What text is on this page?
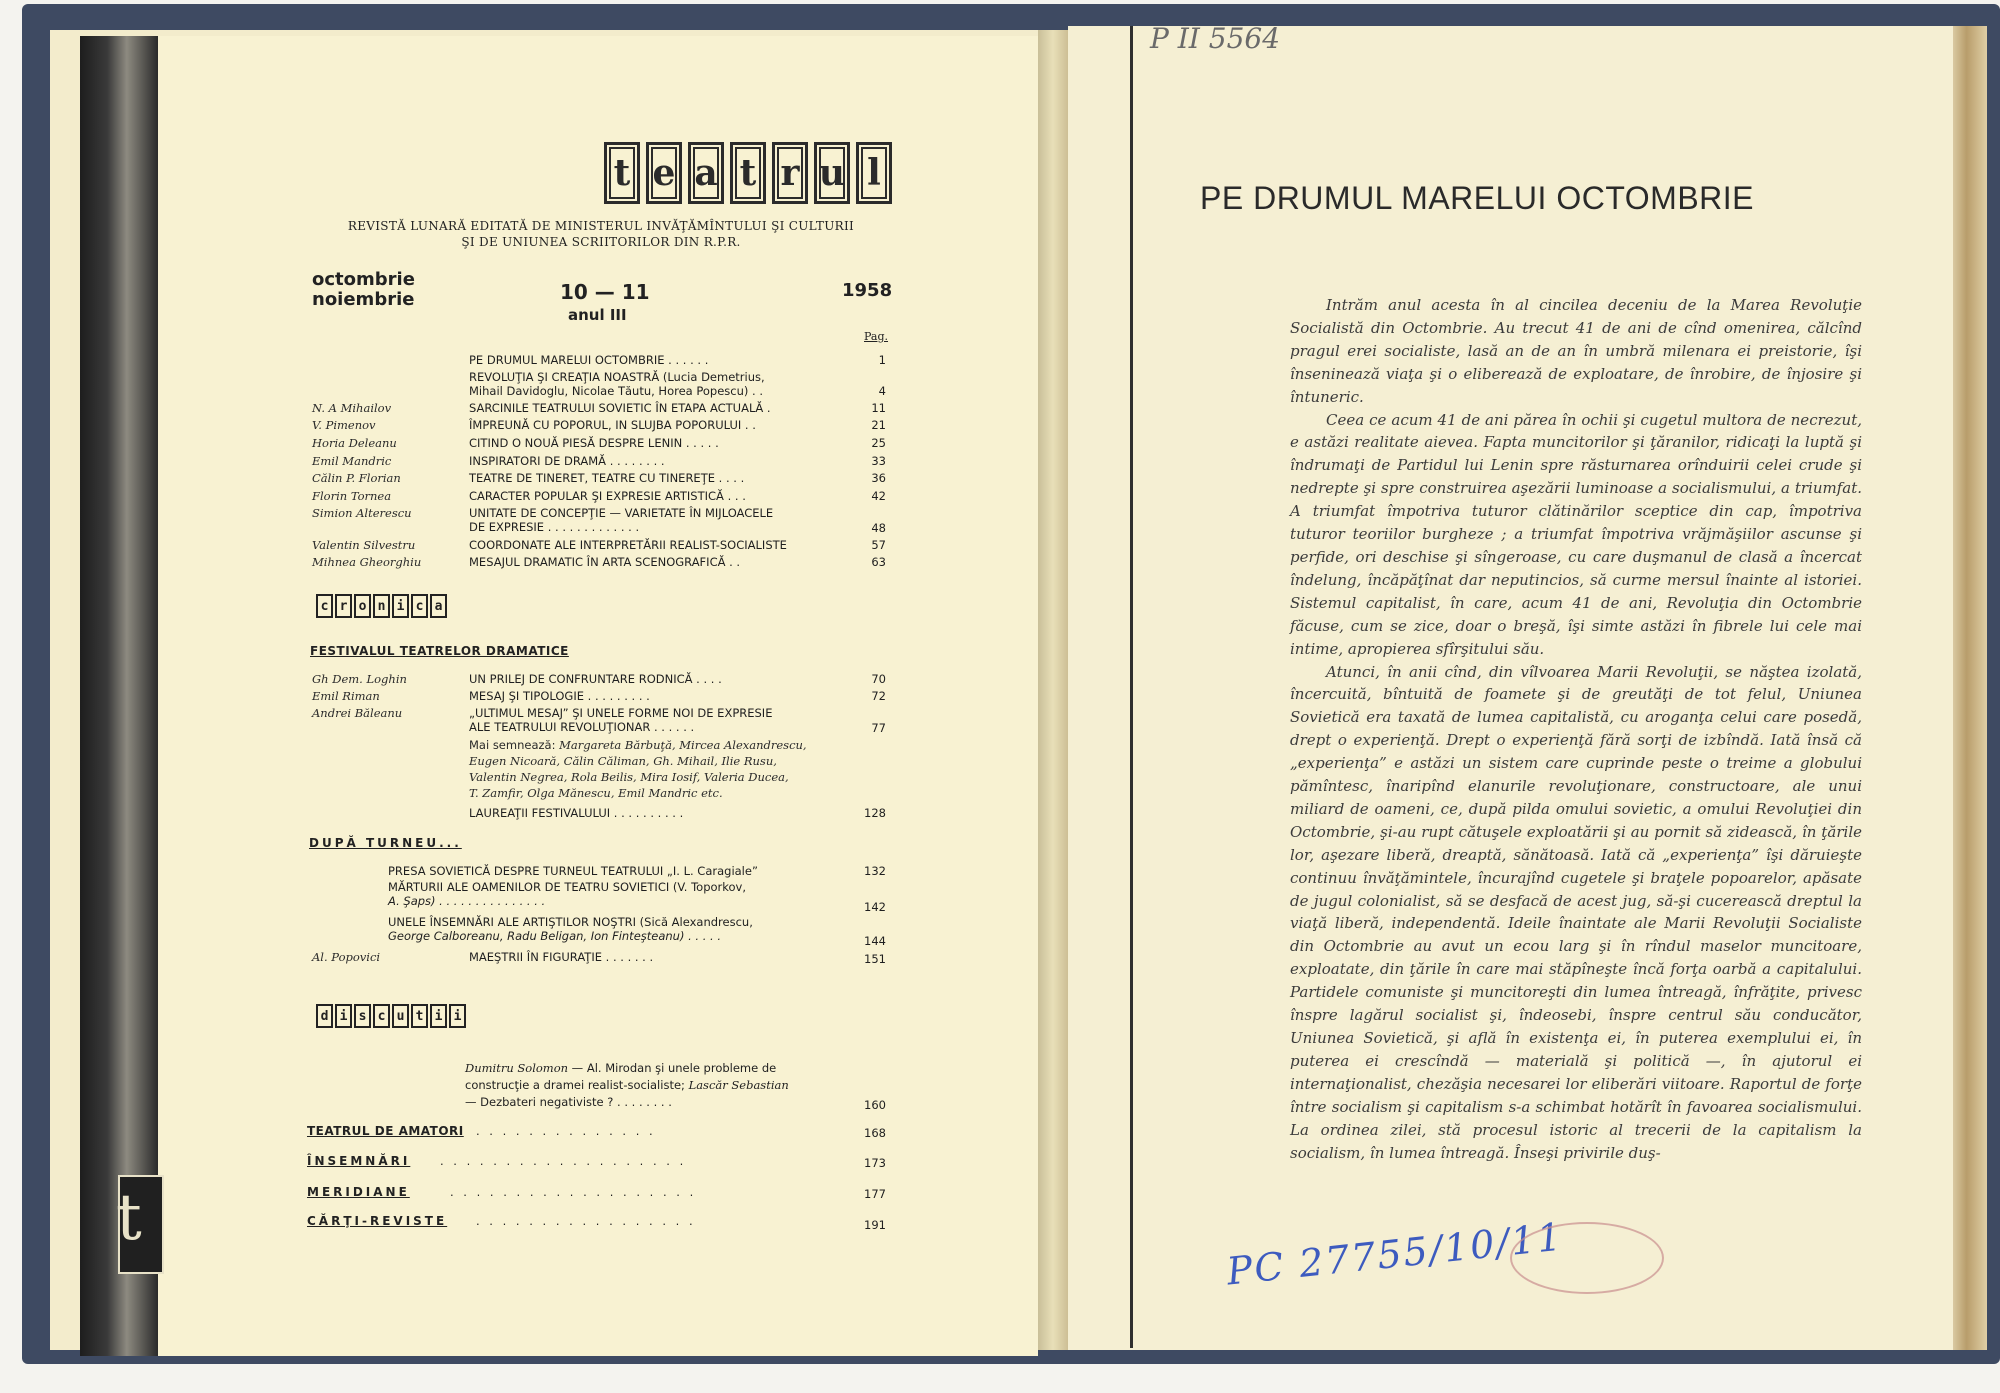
t
t e a t r u l
REVISTĂ LUNARĂ EDITATĂ DE MINISTERUL INVĂŢĂMÎNTULUI ŞI CULTURII
ŞI DE UNIUNEA SCRIITORILOR DIN R.P.R.
octombrie
noiembrie	10 — 11
anul III
1958
Pag.
PE DRUMUL MARELUI OCTOMBRIE . . . . . .	1
REVOLUŢIA ŞI CREAŢIA NOASTRĂ (Lucia Demetrius,
Mihail Davidoglu, Nicolae Tăutu, Horea Popescu) . .	4
N. A Mihailov	SARCINILE TEATRULUI SOVIETIC ÎN ETAPA ACTUALĂ .	11
V. Pimenov	ÎMPREUNĂ CU POPORUL, IN SLUJBA POPORULUI . .	21
Horia Deleanu	CITIND O NOUĂ PIESĂ DESPRE LENIN . . . . .	25
Emil Mandric	INSPIRATORI DE DRAMĂ . . . . . . . .	33
Călin P. Florian	TEATRE DE TINERET, TEATRE CU TINEREŢE . . . .	36
Florin Tornea	CARACTER POPULAR ŞI EXPRESIE ARTISTICĂ . . .	42
Simion Alterescu	UNITATE DE CONCEPŢIE — VARIETATE ÎN MIJLOACELE
DE EXPRESIE . . . . . . . . . . . . .	48
Valentin Silvestru	COORDONATE ALE INTERPRETĂRII REALIST-SOCIALISTE	57
Mihnea Gheorghiu	MESAJUL DRAMATIC ÎN ARTA SCENOGRAFICĂ . .	63
c r o n i c a
FESTIVALUL TEATRELOR DRAMATICE
Gh Dem. Loghin	UN PRILEJ DE CONFRUNTARE RODNICĂ . . . .	70
Emil Riman	MESAJ ŞI TIPOLOGIE . . . . . . . . .	72
Andrei Băleanu	„ULTIMUL MESAJ” ŞI UNELE FORME NOI DE EXPRESIE
ALE TEATRULUI REVOLUŢIONAR . . . . . .	77
Mai semnează: Margareta Bărbuţă, Mircea Alexandrescu,
Eugen Nicoară, Călin Căliman, Gh. Mihail, Ilie Rusu,
Valentin Negrea, Rola Beilis, Mira Iosif, Valeria Ducea,
T. Zamfir, Olga Mănescu, Emil Mandric etc.
LAUREAŢII FESTIVALULUI . . . . . . . . . .	128
DUPĂ TURNEU...
PRESA SOVIETICĂ DESPRE TURNEUL TEATRULUI „I. L. Caragiale”	132
MĂRTURII ALE OAMENILOR DE TEATRU SOVIETICI (V. Toporkov,
A. Şaps) . . . . . . . . . . . . . . .	142
UNELE ÎNSEMNĂRI ALE ARTIŞTILOR NOŞTRI (Sică Alexandrescu,
George Calboreanu, Radu Beligan, Ion Finteşteanu) . . . . .	144
Al. Popovici	MAEŞTRII ÎN FIGURAŢIE . . . . . . .	151
d i s c u t i i
Dumitru Solomon — Al. Mirodan şi unele probleme de
construcţie a dramei realist-socialiste; Lascăr Sebastian
— Dezbateri negativiste ? . . . . . . . .	160
TEATRUL DE AMATORI . . . . . . . . . . . . . .	168
ÎNSEMNĂRI	. . . . . . . . . . . . . . . . . . .	173
MERIDIANE	. . . . . . . . . . . . . . . . . . .	177
CĂRŢI-REVISTE	. . . . . . . . . . . . . . . . .	191
P II 5564
PE DRUMUL MARELUI OCTOMBRIE

Intrăm anul acesta în al cincilea deceniu de la Marea Revoluţie Socialistă din Octombrie. Au trecut 41 de ani de cînd omenirea, călcînd pragul erei socialiste, lasă an de an în umbră milenara ei preistorie, îşi înseninează viaţa şi o eliberează de exploatare, de înrobire, de înjosire şi întuneric.

Ceea ce acum 41 de ani părea în ochii şi cugetul multora de necrezut, e astăzi realitate aievea. Fapta muncitorilor şi ţăranilor, ridicaţi la luptă şi îndrumaţi de Partidul lui Lenin spre răsturnarea orînduirii celei crude şi nedrepte şi spre construirea aşezării luminoase a socialismului, a triumfat. A triumfat împotriva tuturor clătinărilor sceptice din cap, împotriva tuturor teoriilor burgheze ; a triumfat împotriva vrăjmăşiilor ascunse şi perfide, ori deschise şi sîngeroase, cu care duşmanul de clasă a încercat îndelung, încăpăţînat dar neputincios, să curme mersul înainte al istoriei. Sistemul capitalist, în care, acum 41 de ani, Revoluţia din Octombrie făcuse, cum se zice, doar o breşă, îşi simte astăzi în fibrele lui cele mai intime, apropierea sfîrşitului său.

Atunci, în anii cînd, din vîlvoarea Marii Revoluţii, se năştea izolată, încercuită, bîntuită de foamete şi de greutăţi de tot felul, Uniunea Sovietică era taxată de lumea capitalistă, cu aroganţa celui care posedă, drept o experienţă. Drept o experienţă fără sorţi de izbîndă. Iată însă că „experienţa” e astăzi un sistem care cuprinde peste o treime a globului pămîntesc, înaripînd elanurile revoluţionare, constructoare, ale unui miliard de oameni, ce, după pilda omului sovietic, a omului Revoluţiei din Octombrie, şi-au rupt cătuşele exploatării şi au pornit să zidească, în ţările lor, aşezare liberă, dreaptă, sănătoasă. Iată că „experienţa” îşi dăruieşte continuu învăţămintele, încurajînd cugetele şi braţele popoarelor, apăsate de jugul colonialist, să se desfacă de acest jug, să-şi cucerească dreptul la viaţă liberă, independentă. Ideile înaintate ale Marii Revoluţii Socialiste din Octombrie au avut un ecou larg şi în rîndul maselor muncitoare, exploatate, din ţările în care mai stăpîneşte încă forţa oarbă a capitalului. Partidele comuniste şi muncitoreşti din lumea întreagă, înfrăţite, privesc înspre lagărul socialist şi, îndeosebi, înspre centrul său conducător, Uniunea Sovietică, şi află în existenţa ei, în puterea exemplului ei, în puterea ei crescîndă — materială şi politică —, în ajutorul ei internaţionalist, chezăşia necesarei lor eliberări viitoare. Raportul de forţe între socialism şi capitalism s-a schimbat hotărît în favoarea socialismului. La ordinea zilei, stă procesul istoric al trecerii de la capitalism la socialism, în lumea întreagă. Înseşi privirile duş-

PC 27755/10/11
